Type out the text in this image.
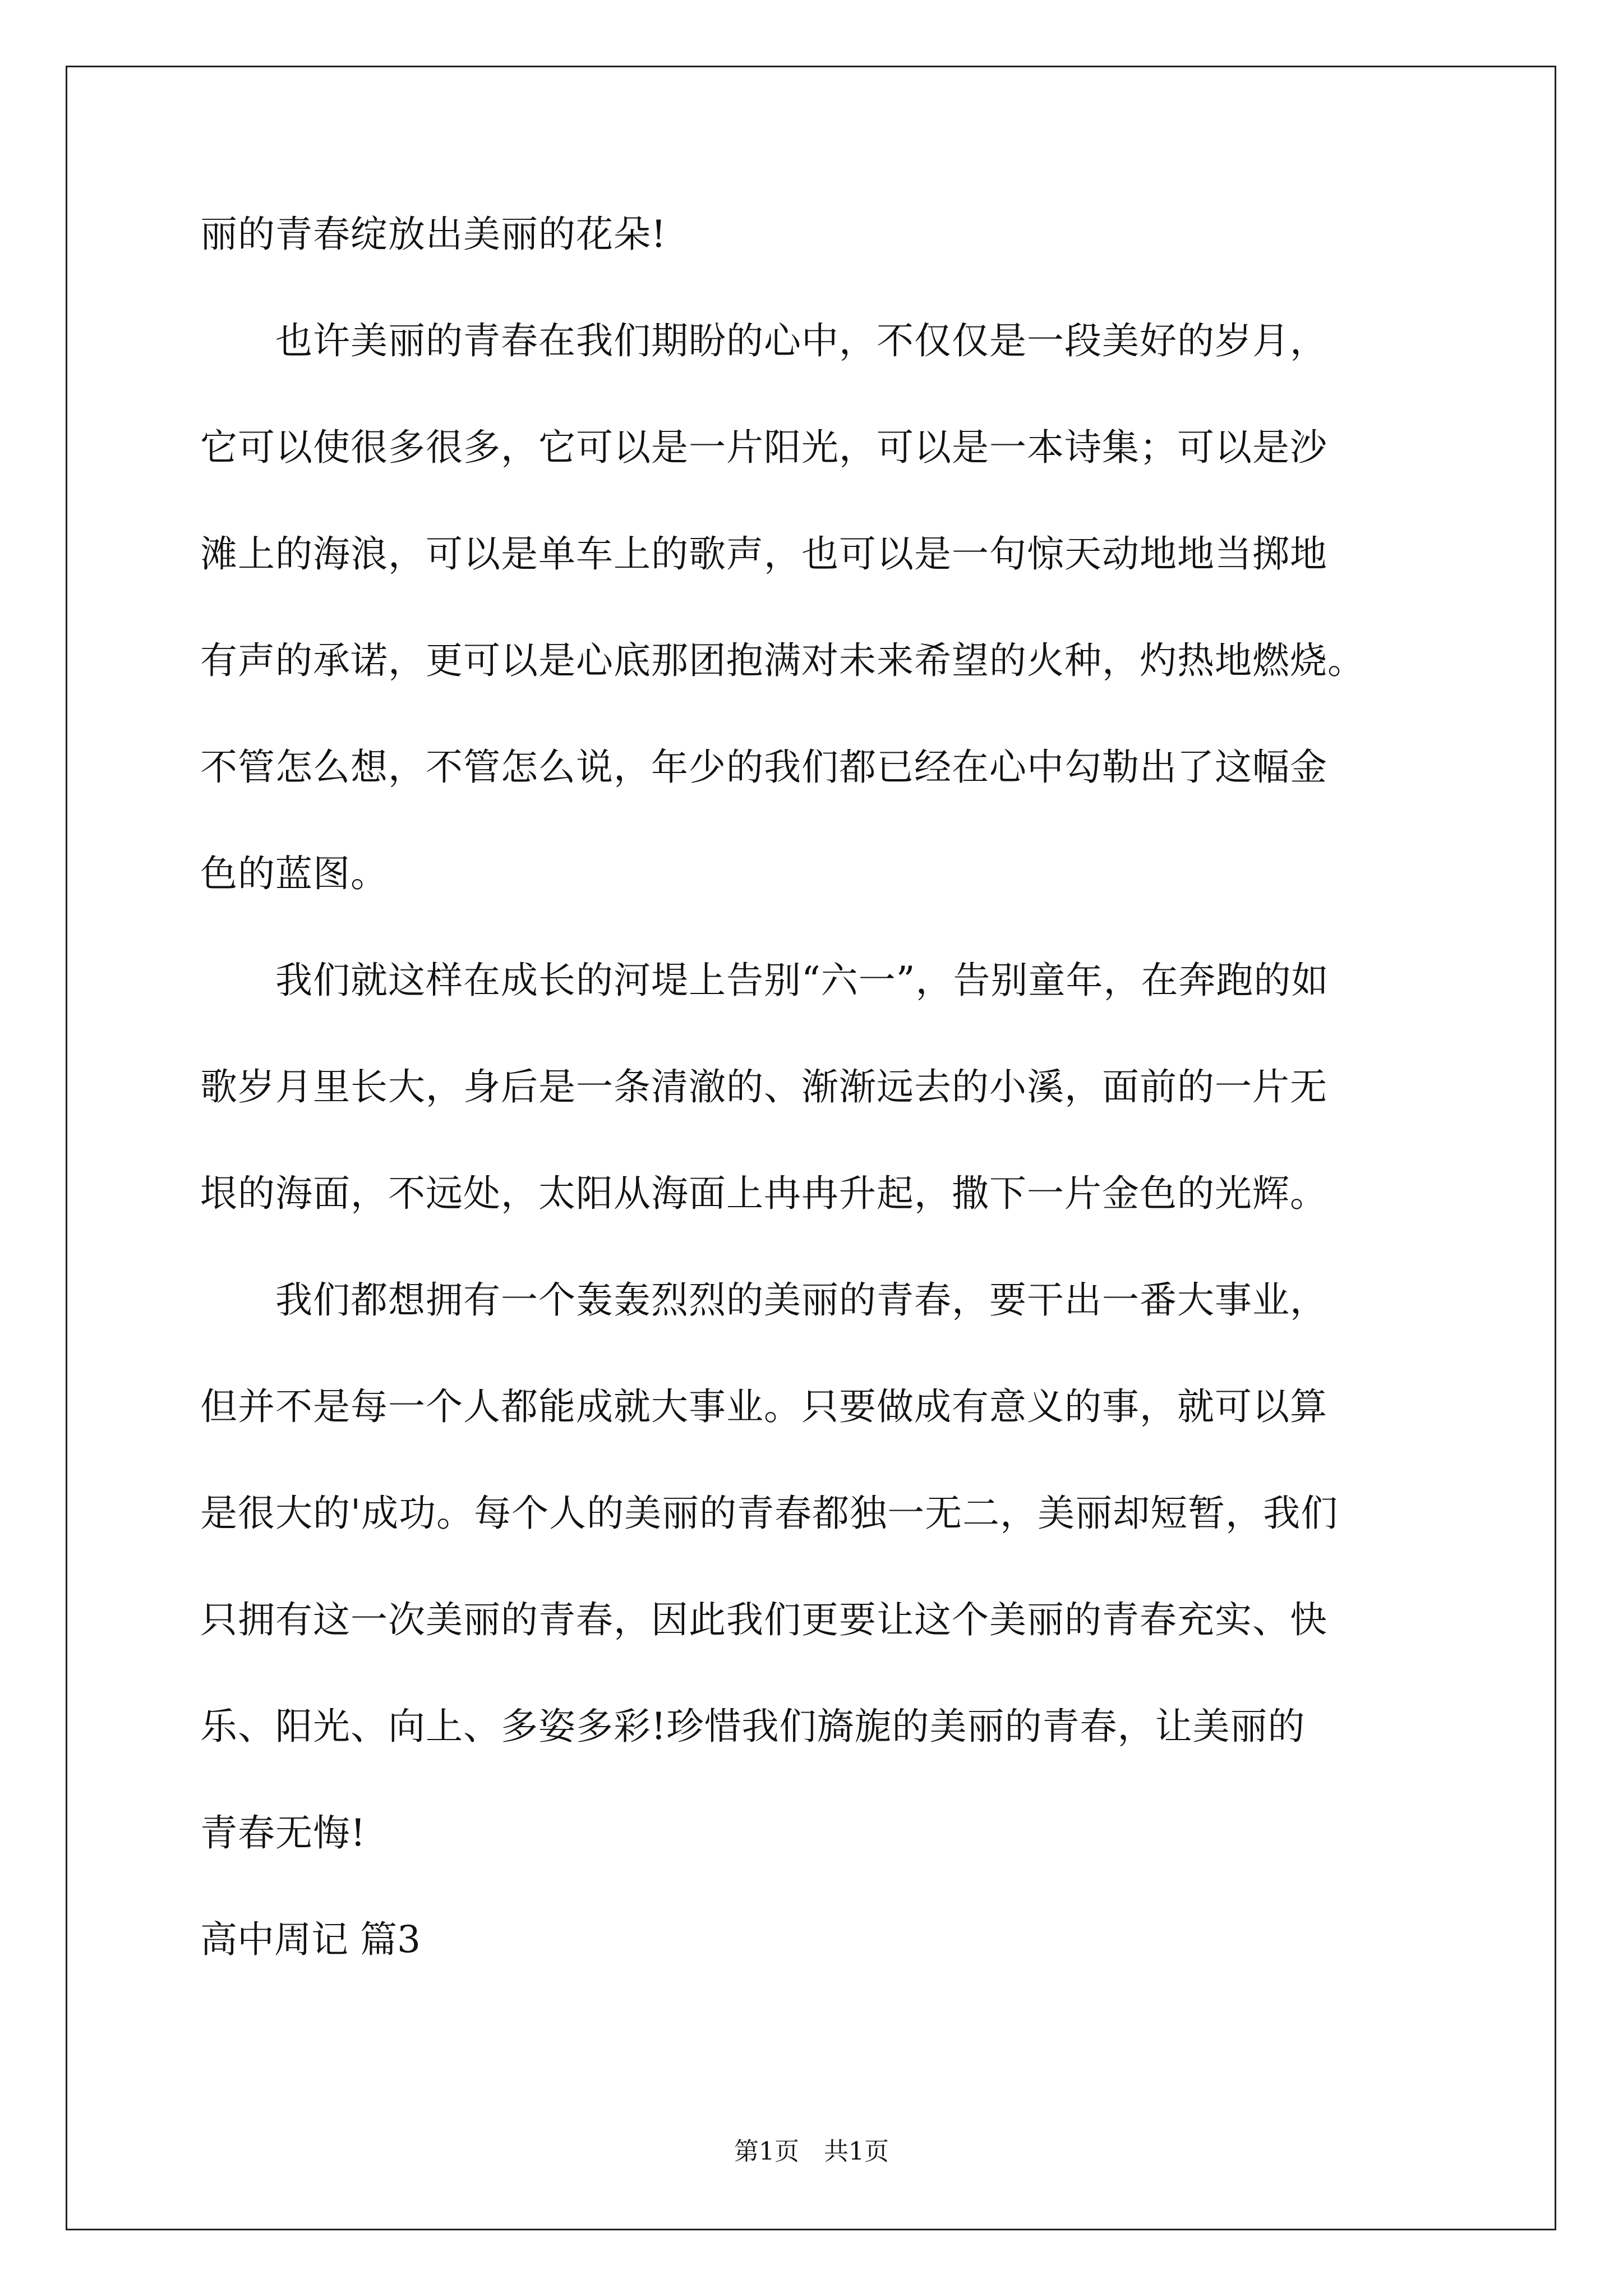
丽的青春绽放出美丽的花朵!
　　也许美丽的青春在我们期盼的心中，不仅仅是一段美好的岁月，
它可以使很多很多，它可以是一片阳光，可以是一本诗集；可以是沙
滩上的海浪，可以是单车上的歌声，也可以是一句惊天动地地当掷地
有声的承诺，更可以是心底那团抱满对未来希望的火种，灼热地燃烧。
不管怎么想，不管怎么说，年少的我们都已经在心中勾勒出了这幅金
色的蓝图。
　　我们就这样在成长的河堤上告别“六一”，告别童年，在奔跑的如
歌岁月里长大，身后是一条清澈的、渐渐远去的小溪，面前的一片无
垠的海面，不远处，太阳从海面上冉冉升起，撒下一片金色的光辉。
　　我们都想拥有一个轰轰烈烈的美丽的青春，要干出一番大事业，
但并不是每一个人都能成就大事业。只要做成有意义的事，就可以算
是很大的'成功。每个人的美丽的青春都独一无二，美丽却短暂，我们
只拥有这一次美丽的青春，因此我们更要让这个美丽的青春充实、快
乐、阳光、向上、多姿多彩!珍惜我们旖旎的美丽的青春，让美丽的
青春无悔!
高中周记 篇3
第1页　共1页
